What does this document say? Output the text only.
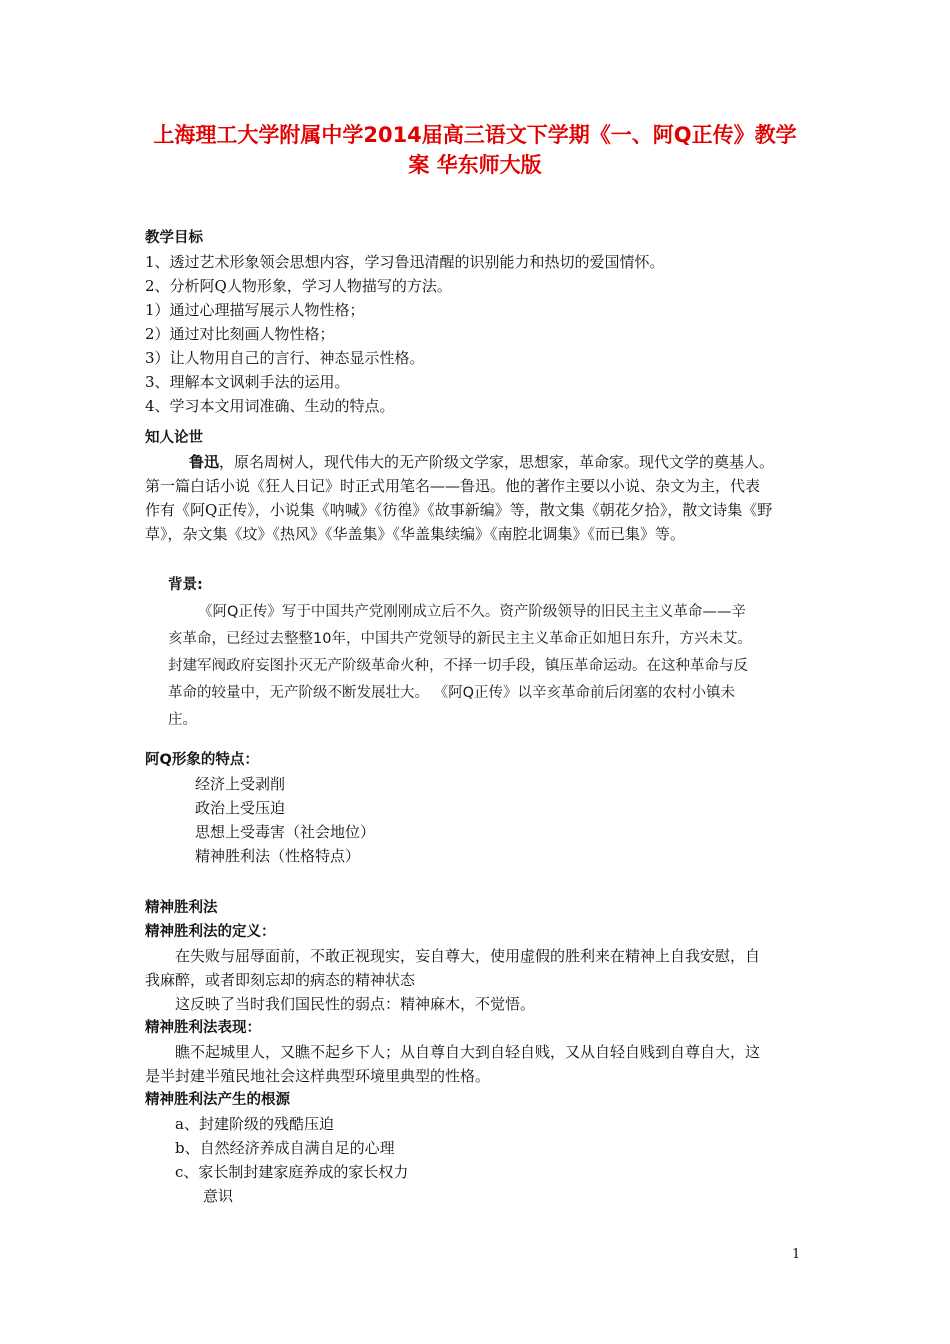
上海理工大学附属中学2014届高三语文下学期《一、阿Q正传》教学
案 华东师大版

教学目标

1、透过艺术形象领会思想内容，学习鲁迅清醒的识别能力和热切的爱国情怀。

2、分析阿Q人物形象，学习人物描写的方法。

1）通过心理描写展示人物性格；

2）通过对比刻画人物性格；

3）让人物用自己的言行、神态显示性格。

3、理解本文讽刺手法的运用。

4、学习本文用词准确、生动的特点。

知人论世

鲁迅，原名周树人，现代伟大的无产阶级文学家，思想家，革命家。现代文学的奠基人。

第一篇白话小说《狂人日记》时正式用笔名——鲁迅。他的著作主要以小说、杂文为主，代表

作有《阿Q正传》，小说集《呐喊》《彷徨》《故事新编》等，散文集《朝花夕拾》，散文诗集《野

草》，杂文集《坟》《热风》《华盖集》《华盖集续编》《南腔北调集》《而已集》等。

背景:

《阿Q正传》写于中国共产党刚刚成立后不久。资产阶级领导的旧民主主义革命——辛

亥革命，已经过去整整10年，中国共产党领导的新民主主义革命正如旭日东升，方兴未艾。

封建军阀政府妄图扑灭无产阶级革命火种，不择一切手段，镇压革命运动。在这种革命与反

革命的较量中，无产阶级不断发展壮大。 《阿Q正传》以辛亥革命前后闭塞的农村小镇未

庄。

阿Q形象的特点：

经济上受剥削

政治上受压迫

思想上受毒害（社会地位）

精神胜利法（性格特点）

精神胜利法

精神胜利法的定义：

在失败与屈辱面前，不敢正视现实，妄自尊大，使用虚假的胜利来在精神上自我安慰，自

我麻醉，或者即刻忘却的病态的精神状态

这反映了当时我们国民性的弱点：精神麻木，不觉悟。

精神胜利法表现：

瞧不起城里人，又瞧不起乡下人；从自尊自大到自轻自贱，又从自轻自贱到自尊自大，这

是半封建半殖民地社会这样典型环境里典型的性格。

精神胜利法产生的根源

a、封建阶级的残酷压迫

b、自然经济养成自满自足的心理

c、家长制封建家庭养成的家长权力

意识

1
